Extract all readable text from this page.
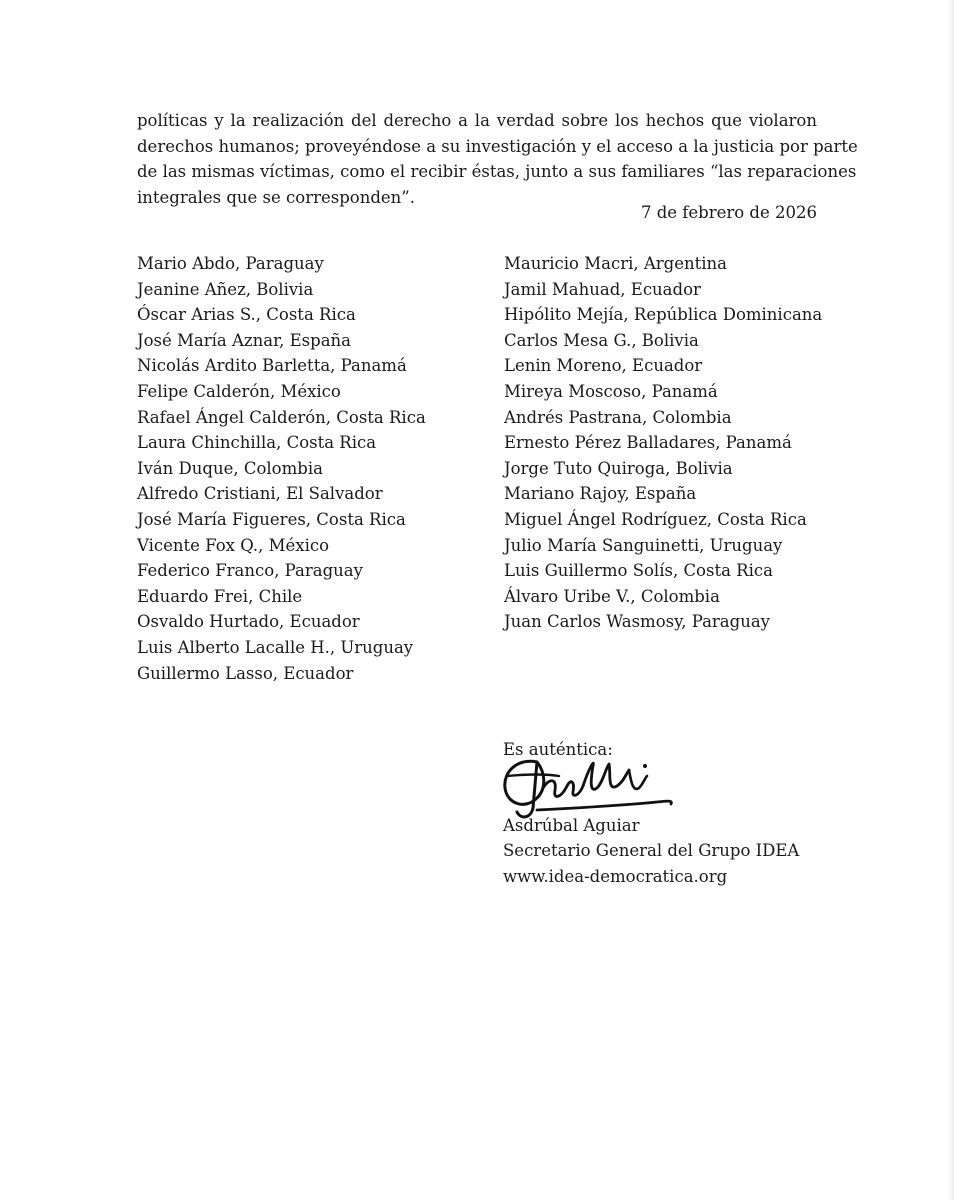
políticas y la realización del derecho a la verdad sobre los hechos que violaron
derechos humanos; proveyéndose a su investigación y el acceso a la justicia por parte
de las mismas víctimas, como el recibir éstas, junto a sus familiares “las reparaciones
integrales que se corresponden”.

7 de febrero de 2026

Mario Abdo, Paraguay
Jeanine Añez, Bolivia
Óscar Arias S., Costa Rica
José María Aznar, España
Nicolás Ardito Barletta, Panamá
Felipe Calderón, México
Rafael Ángel Calderón, Costa Rica
Laura Chinchilla, Costa Rica
Iván Duque, Colombia
Alfredo Cristiani, El Salvador
José María Figueres, Costa Rica
Vicente Fox Q., México
Federico Franco, Paraguay
Eduardo Frei, Chile
Osvaldo Hurtado, Ecuador
Luis Alberto Lacalle H., Uruguay
Guillermo Lasso, Ecuador
Mauricio Macri, Argentina
Jamil Mahuad, Ecuador
Hipólito Mejía, República Dominicana
Carlos Mesa G., Bolivia
Lenin Moreno, Ecuador
Mireya Moscoso, Panamá
Andrés Pastrana, Colombia
Ernesto Pérez Balladares, Panamá
Jorge Tuto Quiroga, Bolivia
Mariano Rajoy, España
Miguel Ángel Rodríguez, Costa Rica
Julio María Sanguinetti, Uruguay
Luis Guillermo Solís, Costa Rica
Álvaro Uribe V., Colombia
Juan Carlos Wasmosy, Paraguay
Es auténtica:
Asdrúbal Aguiar
Secretario General del Grupo IDEA
www.idea-democratica.org
